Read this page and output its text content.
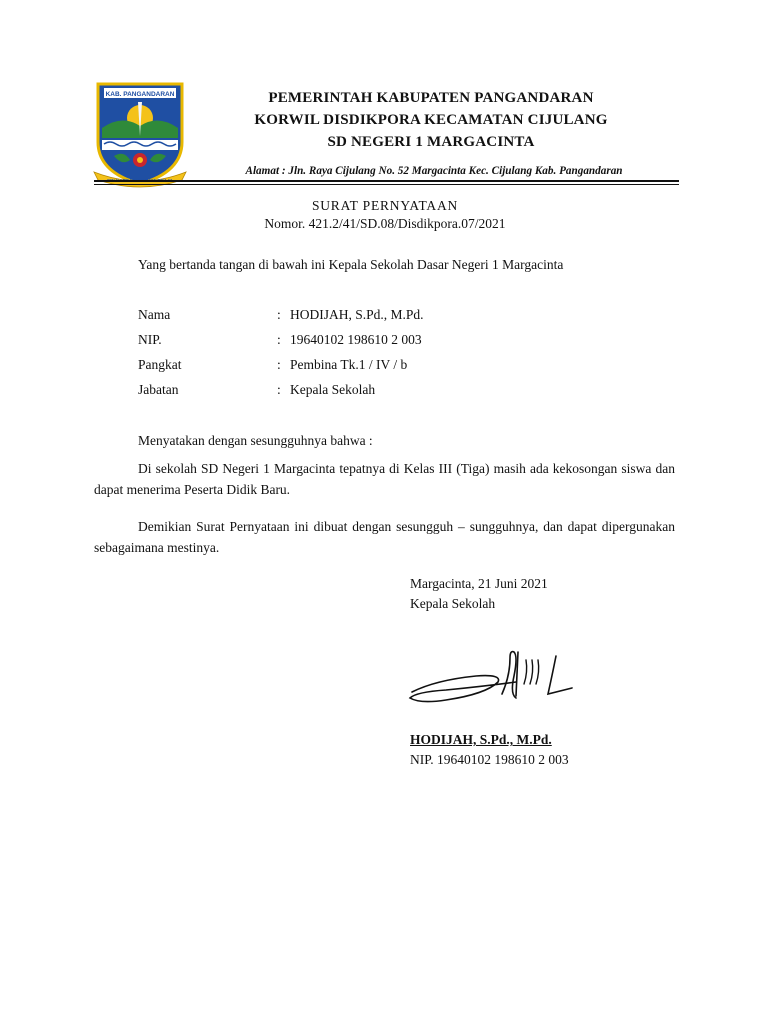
KAB. PANGANDARAN	PEMERINTAH KABUPATEN PANGANDARAN
KORWIL DISDIKPORA KECAMATAN CIJULANG
SD NEGERI 1 MARGACINTA
Alamat : Jln. Raya Cijulang No. 52 Margacinta Kec. Cijulang Kab. Pangandaran
SURAT PERNYATAAN
Nomor. 421.2/41/SD.08/Disdikpora.07/2021
Yang bertanda tangan di bawah ini Kepala Sekolah Dasar Negeri 1 Margacinta
Nama	: HODIJAH, S.Pd., M.Pd.
NIP.	: 19640102 198610 2 003
Pangkat	: Pembina Tk.1 / IV / b
Jabatan	: Kepala Sekolah
Menyatakan dengan sesungguhnya bahwa :
Di sekolah SD Negeri 1 Margacinta tepatnya di Kelas III (Tiga) masih ada kekosongan siswa dan dapat menerima Peserta Didik Baru.
Demikian Surat Pernyataan ini dibuat dengan sesungguh – sungguhnya, dan dapat dipergunakan sebagaimana mestinya.
Margacinta, 21 Juni 2021
Kepala Sekolah
HODIJAH, S.Pd., M.Pd.
NIP. 19640102 198610 2 003
